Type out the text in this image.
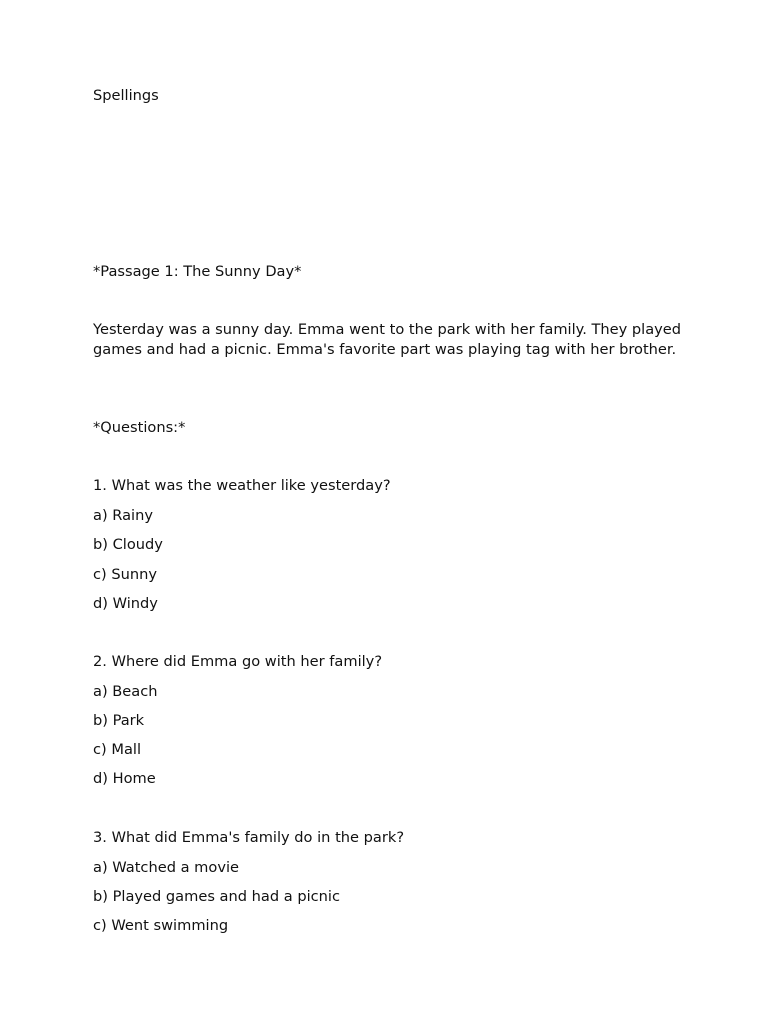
Spellings
*Passage 1: The Sunny Day*
Yesterday was a sunny day. Emma went to the park with her family. They played games and had a picnic. Emma's favorite part was playing tag with her brother.
*Questions:*
1. What was the weather like yesterday?
a) Rainy
b) Cloudy
c) Sunny
d) Windy
2. Where did Emma go with her family?
a) Beach
b) Park
c) Mall
d) Home
3. What did Emma's family do in the park?
a) Watched a movie
b) Played games and had a picnic
c) Went swimming
